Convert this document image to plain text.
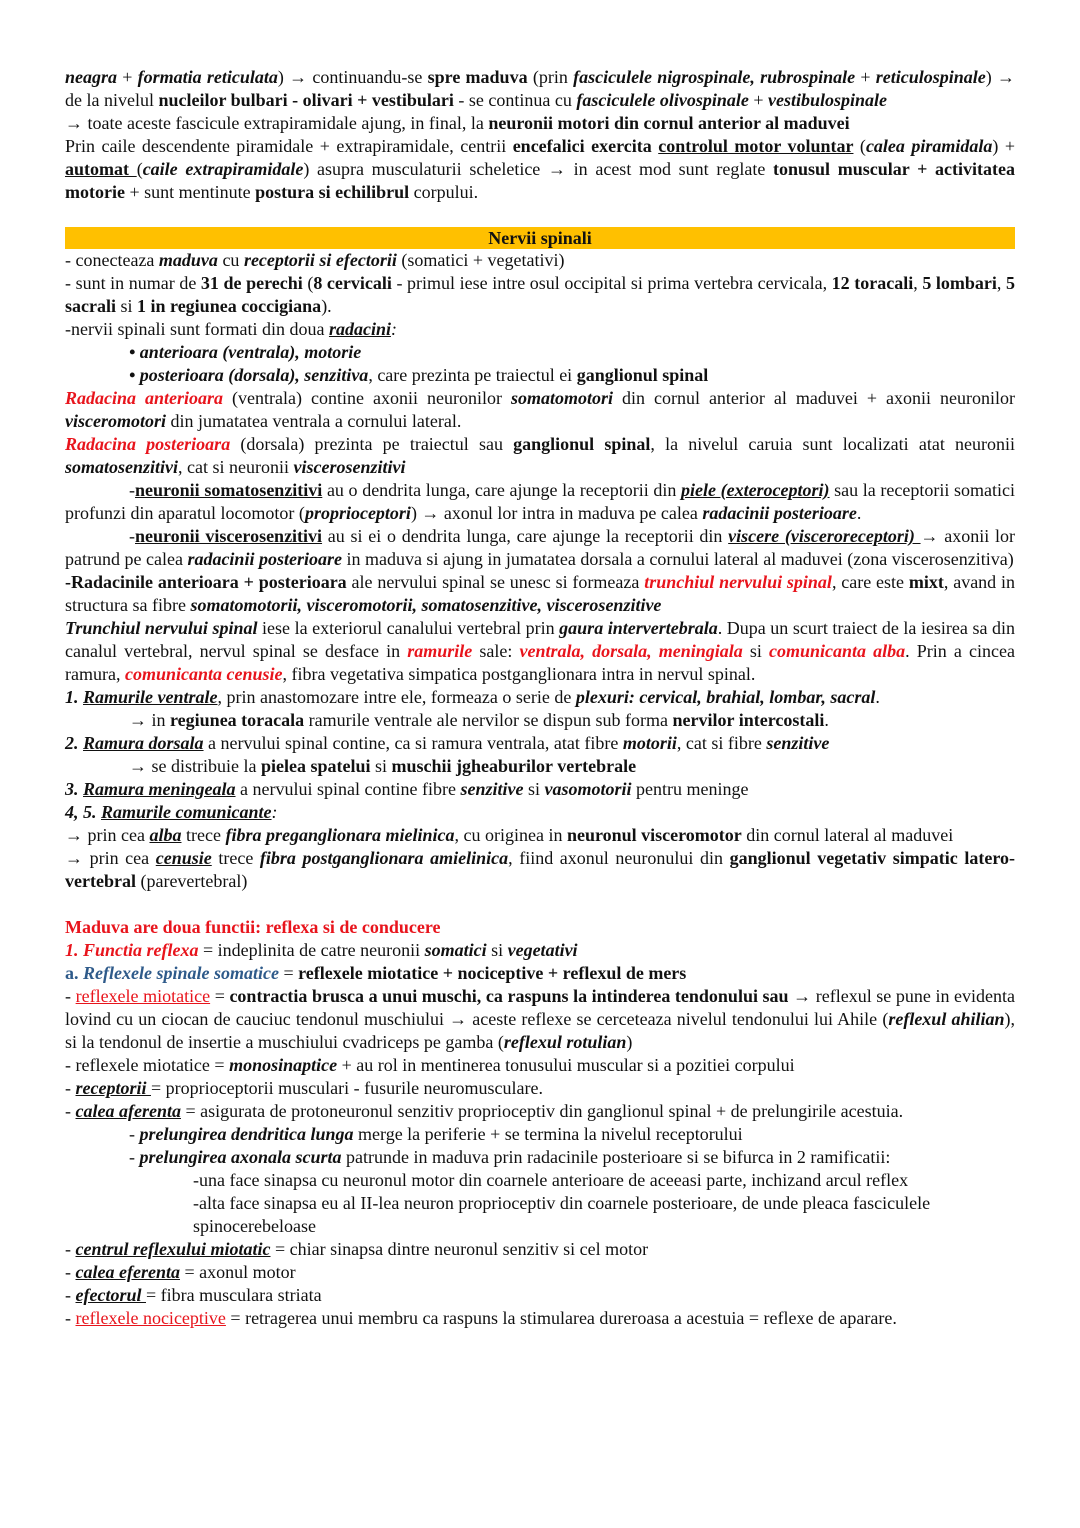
neagra + formatia reticulata) → continuandu-se spre maduva (prin fasciculele nigrospinale, rubrospinale + reticulospinale) → de la nivelul nucleilor bulbari - olivari + vestibulari - se continua cu fasciculele olivospinale + vestibulospinale
→ toate aceste fascicule extrapiramidale ajung, in final, la neuronii motori din cornul anterior al maduvei
Prin caile descendente piramidale + extrapiramidale, centrii encefalici exercita controlul motor voluntar (calea piramidala) + automat (caile extrapiramidale) asupra musculaturii scheletice → in acest mod sunt reglate tonusul muscular + activitatea motorie + sunt mentinute postura si echilibrul corpului.
Nervii spinali
- conecteaza maduva cu receptorii si efectorii (somatici + vegetativi)
- sunt in numar de 31 de perechi (8 cervicali - primul iese intre osul occipital si prima vertebra cervicala, 12 toracali, 5 lombari, 5 sacrali si 1 in regiunea coccigiana).
-nervii spinali sunt formati din doua radacini:
• anterioara (ventrala), motorie
• posterioara (dorsala), senzitiva, care prezinta pe traiectul ei ganglionul spinal
Radacina anterioara (ventrala) contine axonii neuronilor somatomotori din cornul anterior al maduvei + axonii neuronilor visceromotori din jumatatea ventrala a cornului lateral.
Radacina posterioara (dorsala) prezinta pe traiectul sau ganglionul spinal, la nivelul caruia sunt localizati atat neuronii somatosenzitivi, cat si neuronii viscerosenzitivi
-neuronii somatosenzitivi au o dendrita lunga, care ajunge la receptorii din piele (exteroceptori) sau la receptorii somatici profunzi din aparatul locomotor (proprioceptori) → axonul lor intra in maduva pe calea radacinii posterioare.
-neuronii viscerosenzitivi au si ei o dendrita lunga, care ajunge la receptorii din viscere (visceroreceptori) → axonii lor patrund pe calea radacinii posterioare in maduva si ajung in jumatatea dorsala a cornului lateral al maduvei (zona viscerosenzitiva)
-Radacinile anterioara + posterioara ale nervului spinal se unesc si formeaza trunchiul nervului spinal, care este mixt, avand in structura sa fibre somatomotorii, visceromotorii, somatosenzitive, viscerosenzitive
Trunchiul nervului spinal iese la exteriorul canalului vertebral prin gaura intervertebrala. Dupa un scurt traiect de la iesirea sa din canalul vertebral, nervul spinal se desface in ramurile sale: ventrala, dorsala, meningiala si comunicanta alba. Prin a cincea ramura, comunicanta cenusie, fibra vegetativa simpatica postganglionara intra in nervul spinal.
1. Ramurile ventrale, prin anastomozare intre ele, formeaza o serie de plexuri: cervical, brahial, lombar, sacral.
→ in regiunea toracala ramurile ventrale ale nervilor se dispun sub forma nervilor intercostali.
2. Ramura dorsala a nervului spinal contine, ca si ramura ventrala, atat fibre motorii, cat si fibre senzitive
→ se distribuie la pielea spatelui si muschii jgheaburilor vertebrale
3. Ramura meningeala a nervului spinal contine fibre senzitive si vasomotorii pentru meninge
4, 5. Ramurile comunicante:
→ prin cea alba trece fibra preganglionara mielinica, cu originea in neuronul visceromotor din cornul lateral al maduvei
→ prin cea cenusie trece fibra postganglionara amielinica, fiind axonul neuronului din ganglionul vegetativ simpatic latero-vertebral (parevertebral)
Maduva are doua functii: reflexa si de conducere
1. Functia reflexa = indeplinita de catre neuronii somatici si vegetativi
a. Reflexele spinale somatice = reflexele miotatice + nociceptive + reflexul de mers
- reflexele miotatice = contractia brusca a unui muschi, ca raspuns la intinderea tendonului sau → reflexul se pune in evidenta lovind cu un ciocan de cauciuc tendonul muschiului → aceste reflexe se cerceteaza nivelul tendonului lui Ahile (reflexul ahilian), si la tendonul de insertie a muschiului cvadriceps pe gamba (reflexul rotulian)
- reflexele miotatice = monosinaptice + au rol in mentinerea tonusului muscular si a pozitiei corpului
- receptorii = proprioceptorii musculari - fusurile neuromusculare.
- calea aferenta = asigurata de protoneuronul senzitiv proprioceptiv din ganglionul spinal + de prelungirile acestuia.
- prelungirea dendritica lunga merge la periferie + se termina la nivelul receptorului
- prelungirea axonala scurta patrunde in maduva prin radacinile posterioare si se bifurca in 2 ramificatii:
-una face sinapsa cu neuronul motor din coarnele anterioare de aceeasi parte, inchizand arcul reflex
-alta face sinapsa eu al II-lea neuron proprioceptiv din coarnele posterioare, de unde pleaca fasciculele spinocerebeloase
- centrul reflexului miotatic = chiar sinapsa dintre neuronul senzitiv si cel motor
- calea eferenta = axonul motor
- efectorul = fibra musculara striata
- reflexele nociceptive = retragerea unui membru ca raspuns la stimularea dureroasa a acestuia = reflexe de aparare.
